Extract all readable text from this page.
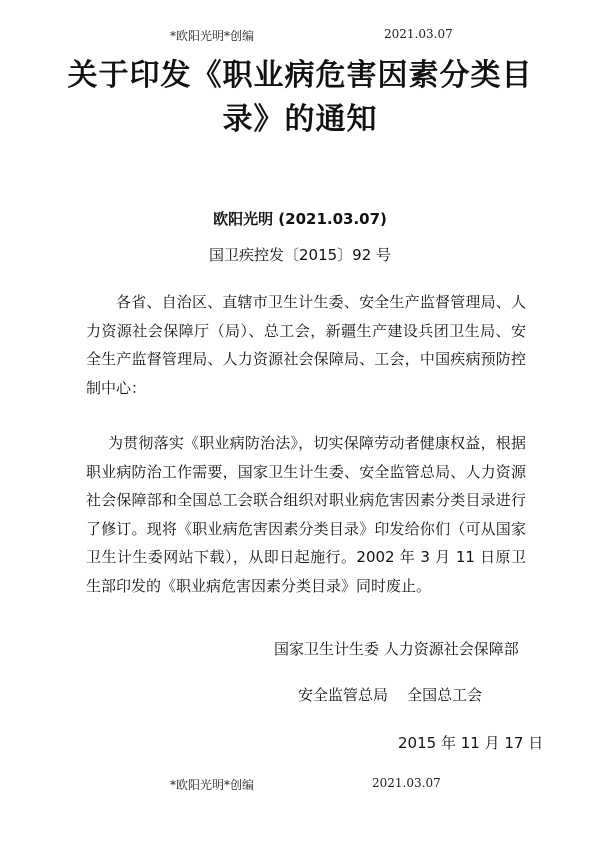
*欧阳光明*创编	2021.03.07
关于印发《职业病危害因素分类目
录》的通知
欧阳光明 (2021.03.07)
国卫疾控发〔2015〕92 号
各省、自治区、直辖市卫生计生委、安全生产监督管理局、人力资源社会保障厅（局）、总工会，新疆生产建设兵团卫生局、安全生产监督管理局、人力资源社会保障局、工会，中国疾病预防控制中心：
为贯彻落实《职业病防治法》，切实保障劳动者健康权益，根据职业病防治工作需要，国家卫生计生委、安全监管总局、人力资源社会保障部和全国总工会联合组织对职业病危害因素分类目录进行了修订。现将《职业病危害因素分类目录》印发给你们（可从国家卫生计生委网站下载），从即日起施行。2002 年 3 月 11 日原卫生部印发的《职业病危害因素分类目录》同时废止。
国家卫生计生委 人力资源社会保障部
安全监管总局    全国总工会
2015 年 11 月 17 日
*欧阳光明*创编	2021.03.07
